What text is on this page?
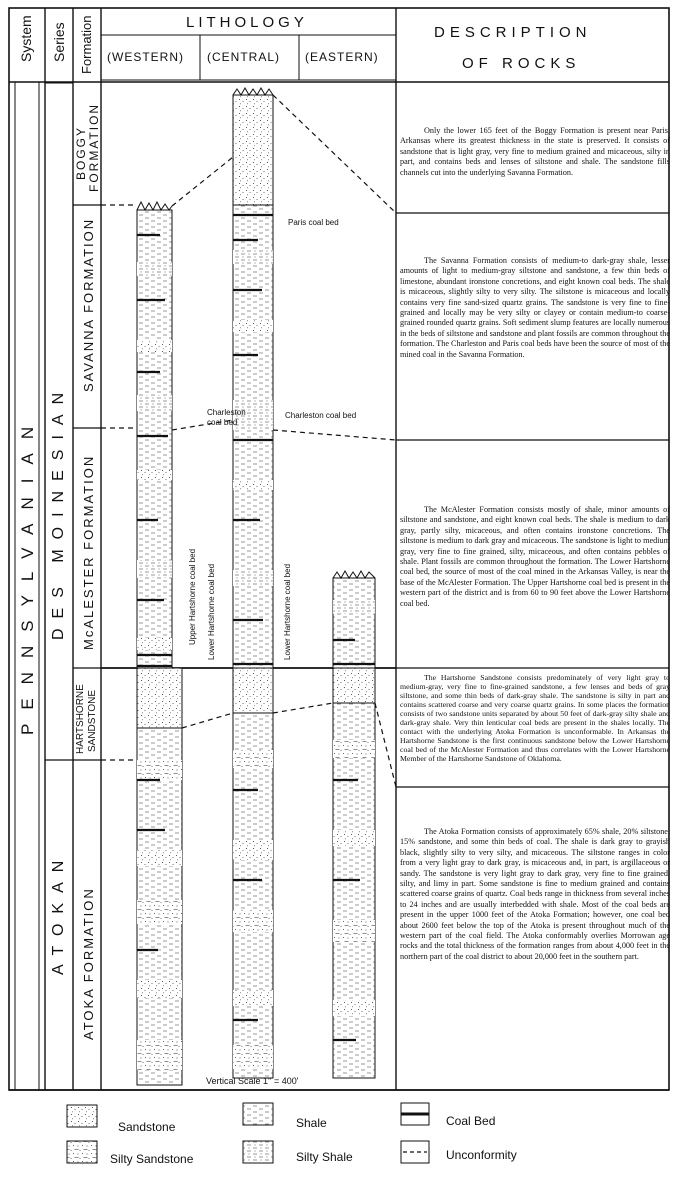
System Series Formation	LITHOLOGY
(WESTERN) (CENTRAL) (EASTERN)
DESCRIPTION
OF ROCKS
PENNSYLVANIAN DES MOINESIAN
ATOKAN
BOGGY FORMATION
SAVANNA FORMATION
McALESTER FORMATION
HARTSHORNE SANDSTONE
ATOKA FORMATION
Paris coal bed
Charleston
coal bed
Charleston coal bed
Upper Hartshorne coal bed Lower Hartshorne coal bed	Lower Hartshorne coal bed
Vertical Scale 1'' = 400'

Only the lower 165 feet of the Boggy Formation is present near Paris, Arkansas where its greatest thickness in the state is preserved. It consists of sandstone that is light gray, very fine to medium grained and micaceous, silty in part, and contains beds and lenses of siltstone and shale. The sandstone fills channels cut into the underlying Savanna Formation.

The Savanna Formation consists of medium-to dark-gray shale, lesser amounts of light to medium-gray siltstone and sandstone, a few thin beds of limestone, abundant ironstone concretions, and eight known coal beds. The shale is micaceous, slightly silty to very silty. The siltstone is micaceous and locally contains very fine sand-sized quartz grains. The sandstone is very fine to fine-grained and locally may be very silty or clayey or contain medium-to coarse-grained rounded quartz grains. Soft sediment slump features are locally numerous in the beds of siltstone and sandstone and plant fossils are common throughout the formation. The Charleston and Paris coal beds have been the source of most of the mined coal in the Savanna Formation.

The McAlester Formation consists mostly of shale, minor amounts of siltstone and sandstone, and eight known coal beds. The shale is medium to dark gray, partly silty, micaceous, and often contains ironstone concretions. The siltstone is medium to dark gray and micaceous. The sandstone is light to medium gray, very fine to fine grained, silty, micaceous, and often contains pebbles of shale. Plant fossils are common throughout the formation. The Lower Hartshorne coal bed, the source of most of the coal mined in the Arkansas Valley, is near the base of the McAlester Formation. The Upper Hartshorne coal bed is present in the western part of the district and is from 60 to 90 feet above the Lower Hartshorne coal bed.

The Hartshorne Sandstone consists predominately of very light gray to medium-gray, very fine to fine-grained sandstone, a few lenses and beds of gray siltstone, and some thin beds of dark-gray shale. The sandstone is silty in part and contains scattered coarse and very coarse quartz grains. In some places the formation consists of two sandstone units separated by about 50 feet of dark-gray silty shale and dark-gray shale. Very thin lenticular coal beds are present in the shales locally. The contact with the underlying Atoka Formation is unconformable. In Arkansas the Hartshorne Sandstone is the first continuous sandstone below the Lower Hartshorne coal bed of the McAlester Formation and thus correlates with the Lower Hartshorne Member of the Hartshorne Sandstone of Oklahoma.

The Atoka Formation consists of approximately 65% shale, 20% siltstone, 15% sandstone, and some thin beds of coal. The shale is dark gray to grayish black, slightly silty to very silty, and micaceous. The siltstone ranges in color from a very light gray to dark gray, is micaceous and, in part, is argillaceous or sandy. The sandstone is very light gray to dark gray, very fine to fine grained, silty, and limy in part. Some sandstone is fine to medium grained and contains scattered coarse grains of quartz. Coal beds range in thickness from several inches to 24 inches and are usually interbedded with shale. Most of the coal beds are present in the upper 1000 feet of the Atoka Formation; however, one coal bed about 2600 feet below the top of the Atoka is present throughout much of the western part of the coal field. The Atoka conformably overlies Morrowan age rocks and the total thickness of the formation ranges from about 4,000 feet in the northern part of the coal district to about 20,000 feet in the southern part.

Sandstone
Silty Sandstone
Shale
Silty Shale
Coal Bed
Unconformity
